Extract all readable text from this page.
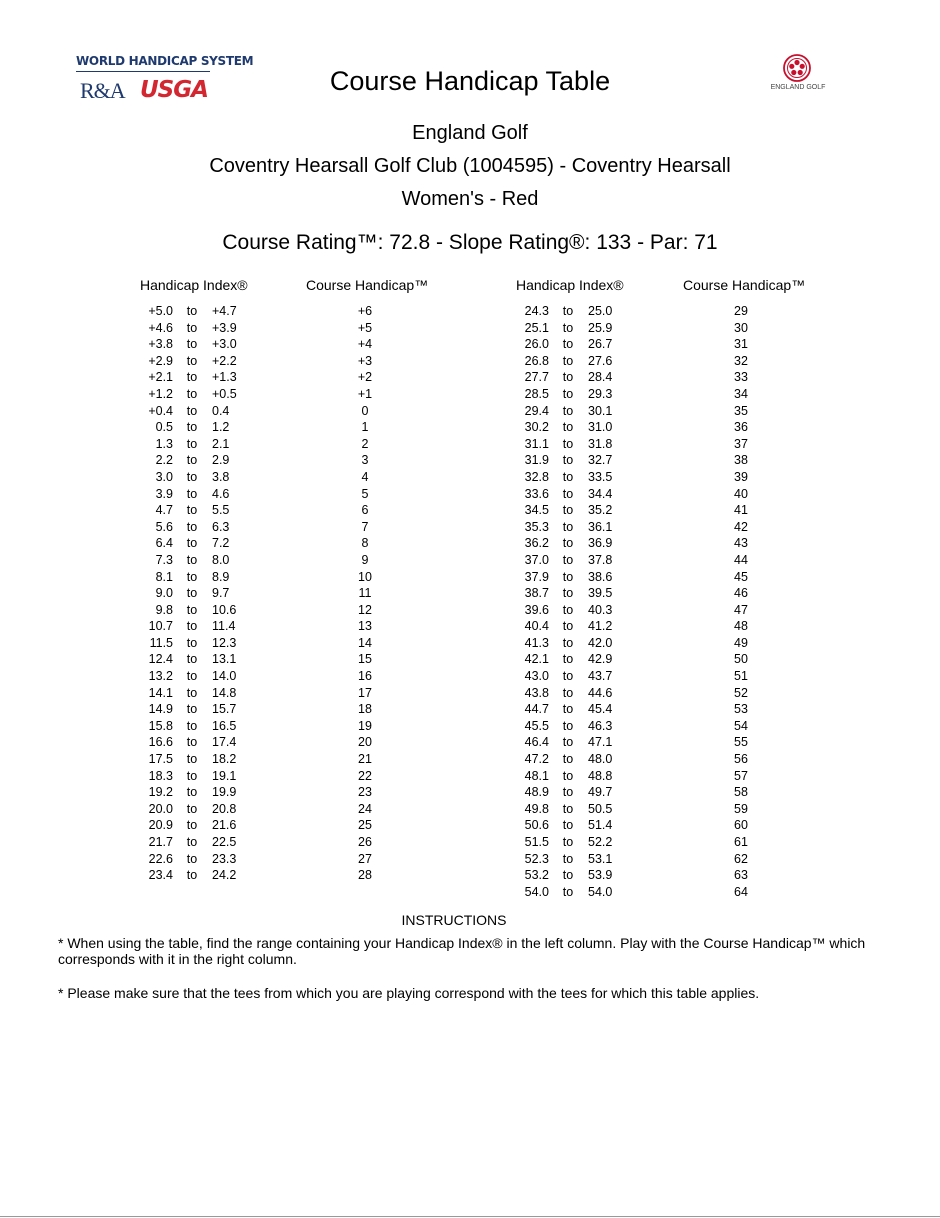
WORLD HANDICAP SYSTEM
R&A USGA	ENGLAND GOLF
Course Handicap Table
England Golf
Coventry Hearsall Golf Club (1004595) - Coventry Hearsall
Women's - Red
Course Rating™: 72.8 - Slope Rating®: 133 - Par: 71
Handicap Index®	Course Handicap™	Handicap Index®	Course Handicap™
+5.0	to	+4.7	+6
+4.6	to	+3.9	+5
+3.8	to	+3.0	+4
+2.9	to	+2.2	+3
+2.1	to	+1.3	+2
+1.2	to	+0.5	+1
+0.4	to	0.4	0
0.5	to	1.2	1
1.3	to	2.1	2
2.2	to	2.9	3
3.0	to	3.8	4
3.9	to	4.6	5
4.7	to	5.5	6
5.6	to	6.3	7
6.4	to	7.2	8
7.3	to	8.0	9
8.1	to	8.9	10
9.0	to	9.7	11
9.8	to	10.6	12
10.7	to	11.4	13
11.5	to	12.3	14
12.4	to	13.1	15
13.2	to	14.0	16
14.1	to	14.8	17
14.9	to	15.7	18
15.8	to	16.5	19
16.6	to	17.4	20
17.5	to	18.2	21
18.3	to	19.1	22
19.2	to	19.9	23
20.0	to	20.8	24
20.9	to	21.6	25
21.7	to	22.5	26
22.6	to	23.3	27
23.4	to	24.2	28
24.3	to	25.0	29
25.1	to	25.9	30
26.0	to	26.7	31
26.8	to	27.6	32
27.7	to	28.4	33
28.5	to	29.3	34
29.4	to	30.1	35
30.2	to	31.0	36
31.1	to	31.8	37
31.9	to	32.7	38
32.8	to	33.5	39
33.6	to	34.4	40
34.5	to	35.2	41
35.3	to	36.1	42
36.2	to	36.9	43
37.0	to	37.8	44
37.9	to	38.6	45
38.7	to	39.5	46
39.6	to	40.3	47
40.4	to	41.2	48
41.3	to	42.0	49
42.1	to	42.9	50
43.0	to	43.7	51
43.8	to	44.6	52
44.7	to	45.4	53
45.5	to	46.3	54
46.4	to	47.1	55
47.2	to	48.0	56
48.1	to	48.8	57
48.9	to	49.7	58
49.8	to	50.5	59
50.6	to	51.4	60
51.5	to	52.2	61
52.3	to	53.1	62
53.2	to	53.9	63
54.0	to	54.0	64
INSTRUCTIONS
* When using the table, find the range containing your Handicap Index® in the left column. Play with the Course Handicap™ which corresponds with it in the right column.
* Please make sure that the tees from which you are playing correspond with the tees for which this table applies.
